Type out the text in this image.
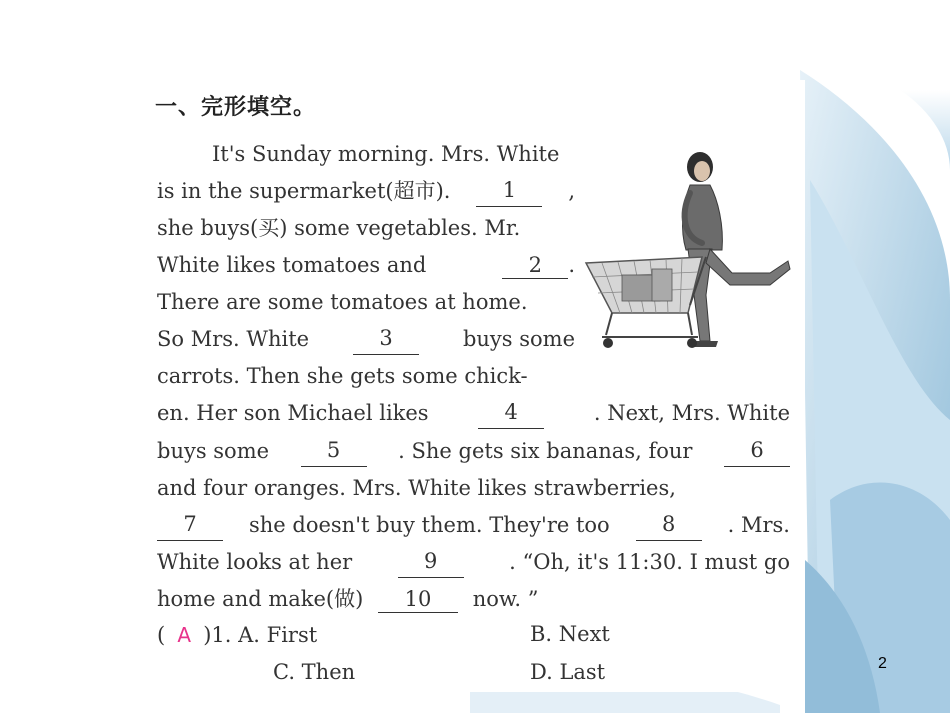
一、完形填空。
It's Sunday morning. Mrs. White
is in the supermarket(超市).	1	,
she buys(买) some vegetables. Mr.
White likes tomatoes and	2 .
There are some tomatoes at home.
So Mrs. White	3	buys some
carrots. Then she gets some chick-
en. Her son Michael likes	4	. Next, Mrs. White
buys some	5	. She gets six bananas, four	6
and four oranges. Mrs. White likes strawberries,
7	she doesn't buy them. They're too	8	. Mrs.
White looks at her	9	. “Oh, it's 11:30. I must go
home and make(做) 10 now. ”
( A )1. A. First	B. Next
C. Then	D. Last	2
